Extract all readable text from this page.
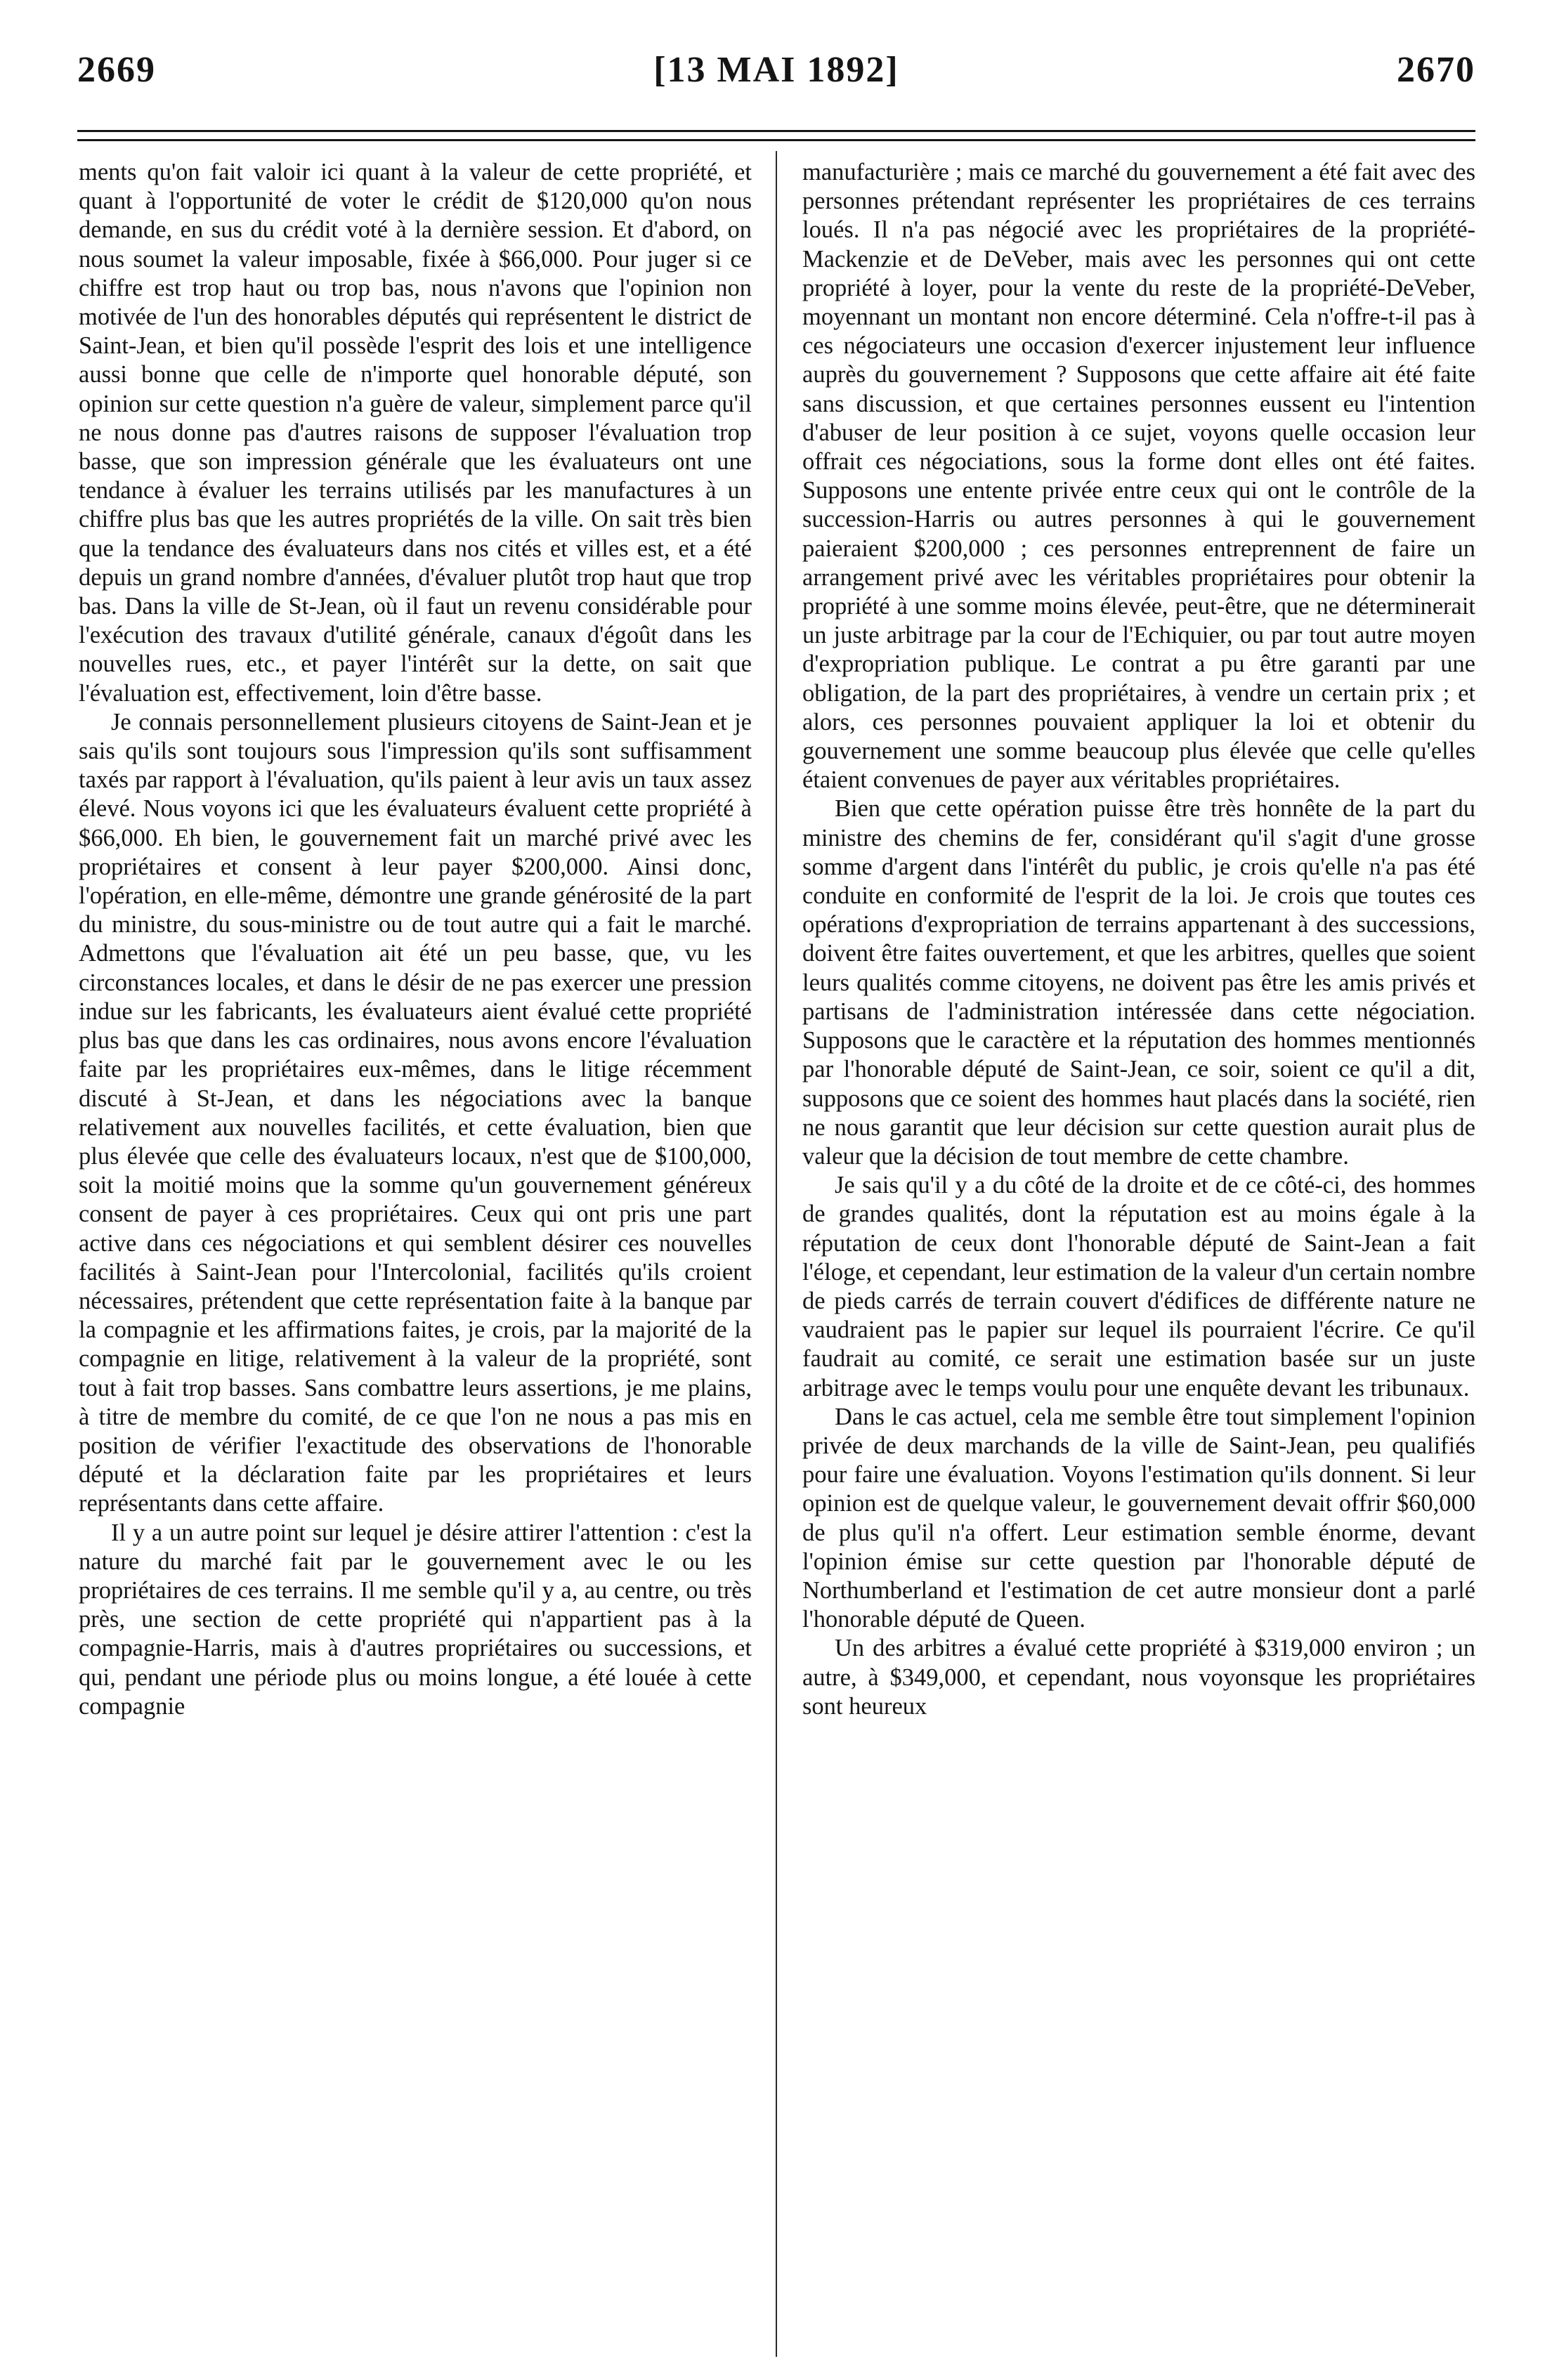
2669	[13 MAI 1892]	2670

ments qu'on fait valoir ici quant à la valeur de cette propriété, et quant à l'opportunité de voter le crédit de $120,000 qu'on nous demande, en sus du crédit voté à la dernière session. Et d'abord, on nous soumet la valeur imposable, fixée à $66,000. Pour juger si ce chiffre est trop haut ou trop bas, nous n'avons que l'opinion non motivée de l'un des honorables députés qui représentent le district de Saint-Jean, et bien qu'il possède l'esprit des lois et une intelligence aussi bonne que celle de n'importe quel honorable député, son opinion sur cette question n'a guère de valeur, simplement parce qu'il ne nous donne pas d'autres raisons de supposer l'évaluation trop basse, que son impression générale que les évaluateurs ont une tendance à évaluer les terrains utilisés par les manufactures à un chiffre plus bas que les autres propriétés de la ville. On sait très bien que la tendance des évaluateurs dans nos cités et villes est, et a été depuis un grand nombre d'années, d'évaluer plutôt trop haut que trop bas. Dans la ville de St-Jean, où il faut un revenu considérable pour l'exécution des travaux d'utilité générale, canaux d'égoût dans les nouvelles rues, etc., et payer l'intérêt sur la dette, on sait que l'évaluation est, effectivement, loin d'être basse.

Je connais personnellement plusieurs citoyens de Saint-Jean et je sais qu'ils sont toujours sous l'impression qu'ils sont suffisamment taxés par rapport à l'évaluation, qu'ils paient à leur avis un taux assez élevé. Nous voyons ici que les évaluateurs évaluent cette propriété à $66,000. Eh bien, le gouvernement fait un marché privé avec les propriétaires et consent à leur payer $200,000. Ainsi donc, l'opération, en elle-même, démontre une grande générosité de la part du ministre, du sous-ministre ou de tout autre qui a fait le marché. Admettons que l'évaluation ait été un peu basse, que, vu les circonstances locales, et dans le désir de ne pas exercer une pression indue sur les fabricants, les évaluateurs aient évalué cette propriété plus bas que dans les cas ordinaires, nous avons encore l'évaluation faite par les propriétaires eux-mêmes, dans le litige récemment discuté à St-Jean, et dans les négociations avec la banque relativement aux nouvelles facilités, et cette évaluation, bien que plus élevée que celle des évaluateurs locaux, n'est que de $100,000, soit la moitié moins que la somme qu'un gouvernement généreux consent de payer à ces propriétaires. Ceux qui ont pris une part active dans ces négociations et qui semblent désirer ces nouvelles facilités à Saint-Jean pour l'Intercolonial, facilités qu'ils croient nécessaires, prétendent que cette représentation faite à la banque par la compagnie et les affirmations faites, je crois, par la majorité de la compagnie en litige, relativement à la valeur de la propriété, sont tout à fait trop basses. Sans combattre leurs assertions, je me plains, à titre de membre du comité, de ce que l'on ne nous a pas mis en position de vérifier l'exactitude des observations de l'honorable député et la déclaration faite par les propriétaires et leurs représentants dans cette affaire.

Il y a un autre point sur lequel je désire attirer l'attention : c'est la nature du marché fait par le gouvernement avec le ou les propriétaires de ces terrains. Il me semble qu'il y a, au centre, ou très près, une section de cette propriété qui n'appartient pas à la compagnie-Harris, mais à d'autres propriétaires ou successions, et qui, pendant une période plus ou moins longue, a été louée à cette compagnie

manufacturière ; mais ce marché du gouvernement a été fait avec des personnes prétendant représenter les propriétaires de ces terrains loués. Il n'a pas négocié avec les propriétaires de la propriété-Mackenzie et de DeVeber, mais avec les personnes qui ont cette propriété à loyer, pour la vente du reste de la propriété-DeVeber, moyennant un montant non encore déterminé. Cela n'offre-t-il pas à ces négociateurs une occasion d'exercer injustement leur influence auprès du gouvernement ? Supposons que cette affaire ait été faite sans discussion, et que certaines personnes eussent eu l'intention d'abuser de leur position à ce sujet, voyons quelle occasion leur offrait ces négociations, sous la forme dont elles ont été faites. Supposons une entente privée entre ceux qui ont le contrôle de la succession-Harris ou autres personnes à qui le gouvernement paieraient $200,000 ; ces personnes entreprennent de faire un arrangement privé avec les véritables propriétaires pour obtenir la propriété à une somme moins élevée, peut-être, que ne déterminerait un juste arbitrage par la cour de l'Echiquier, ou par tout autre moyen d'expropriation publique. Le contrat a pu être garanti par une obligation, de la part des propriétaires, à vendre un certain prix ; et alors, ces personnes pouvaient appliquer la loi et obtenir du gouvernement une somme beaucoup plus élevée que celle qu'elles étaient convenues de payer aux véritables propriétaires.

Bien que cette opération puisse être très honnête de la part du ministre des chemins de fer, considérant qu'il s'agit d'une grosse somme d'argent dans l'intérêt du public, je crois qu'elle n'a pas été conduite en conformité de l'esprit de la loi. Je crois que toutes ces opérations d'expropriation de terrains appartenant à des successions, doivent être faites ouvertement, et que les arbitres, quelles que soient leurs qualités comme citoyens, ne doivent pas être les amis privés et partisans de l'administration intéressée dans cette négociation. Supposons que le caractère et la réputation des hommes mentionnés par l'honorable député de Saint-Jean, ce soir, soient ce qu'il a dit, supposons que ce soient des hommes haut placés dans la société, rien ne nous garantit que leur décision sur cette question aurait plus de valeur que la décision de tout membre de cette chambre.

Je sais qu'il y a du côté de la droite et de ce côté-ci, des hommes de grandes qualités, dont la réputation est au moins égale à la réputation de ceux dont l'honorable député de Saint-Jean a fait l'éloge, et cependant, leur estimation de la valeur d'un certain nombre de pieds carrés de terrain couvert d'édifices de différente nature ne vaudraient pas le papier sur lequel ils pourraient l'écrire. Ce qu'il faudrait au comité, ce serait une estimation basée sur un juste arbitrage avec le temps voulu pour une enquête devant les tribunaux.

Dans le cas actuel, cela me semble être tout simplement l'opinion privée de deux marchands de la ville de Saint-Jean, peu qualifiés pour faire une évaluation. Voyons l'estimation qu'ils donnent. Si leur opinion est de quelque valeur, le gouvernement devait offrir $60,000 de plus qu'il n'a offert. Leur estimation semble énorme, devant l'opinion émise sur cette question par l'honorable député de Northumberland et l'estimation de cet autre monsieur dont a parlé l'honorable député de Queen.

Un des arbitres a évalué cette propriété à $319,000 environ ; un autre, à $349,000, et cependant, nous voyonsque les propriétaires sont heureux
